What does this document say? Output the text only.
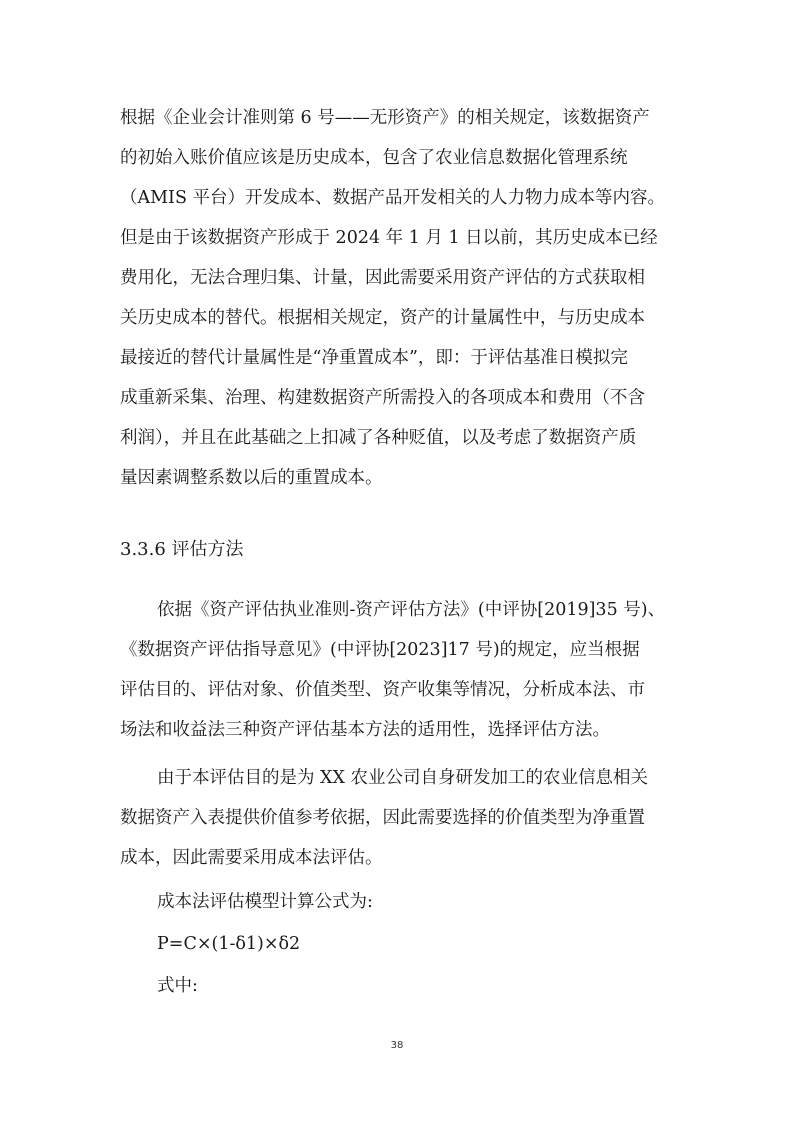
根据《企业会计准则第 6 号——无形资产》的相关规定，该数据资产
的初始入账价值应该是历史成本，包含了农业信息数据化管理系统
（AMIS 平台）开发成本、数据产品开发相关的人力物力成本等内容。
但是由于该数据资产形成于 2024 年 1 月 1 日以前，其历史成本已经
费用化，无法合理归集、计量，因此需要采用资产评估的方式获取相
关历史成本的替代。根据相关规定，资产的计量属性中，与历史成本
最接近的替代计量属性是“净重置成本”，即：于评估基准日模拟完
成重新采集、治理、构建数据资产所需投入的各项成本和费用（不含
利润），并且在此基础之上扣减了各种贬值，以及考虑了数据资产质
量因素调整系数以后的重置成本。
3.3.6 评估方法
依据《资产评估执业准则-资产评估方法》(中评协[2019]35 号)、
《数据资产评估指导意见》(中评协[2023]17 号)的规定，应当根据
评估目的、评估对象、价值类型、资产收集等情况，分析成本法、市
场法和收益法三种资产评估基本方法的适用性，选择评估方法。
由于本评估目的是为 XX 农业公司自身研发加工的农业信息相关
数据资产入表提供价值参考依据，因此需要选择的价值类型为净重置
成本，因此需要采用成本法评估。
成本法评估模型计算公式为:
P=C×(1-δ1)×δ2
式中:
38
